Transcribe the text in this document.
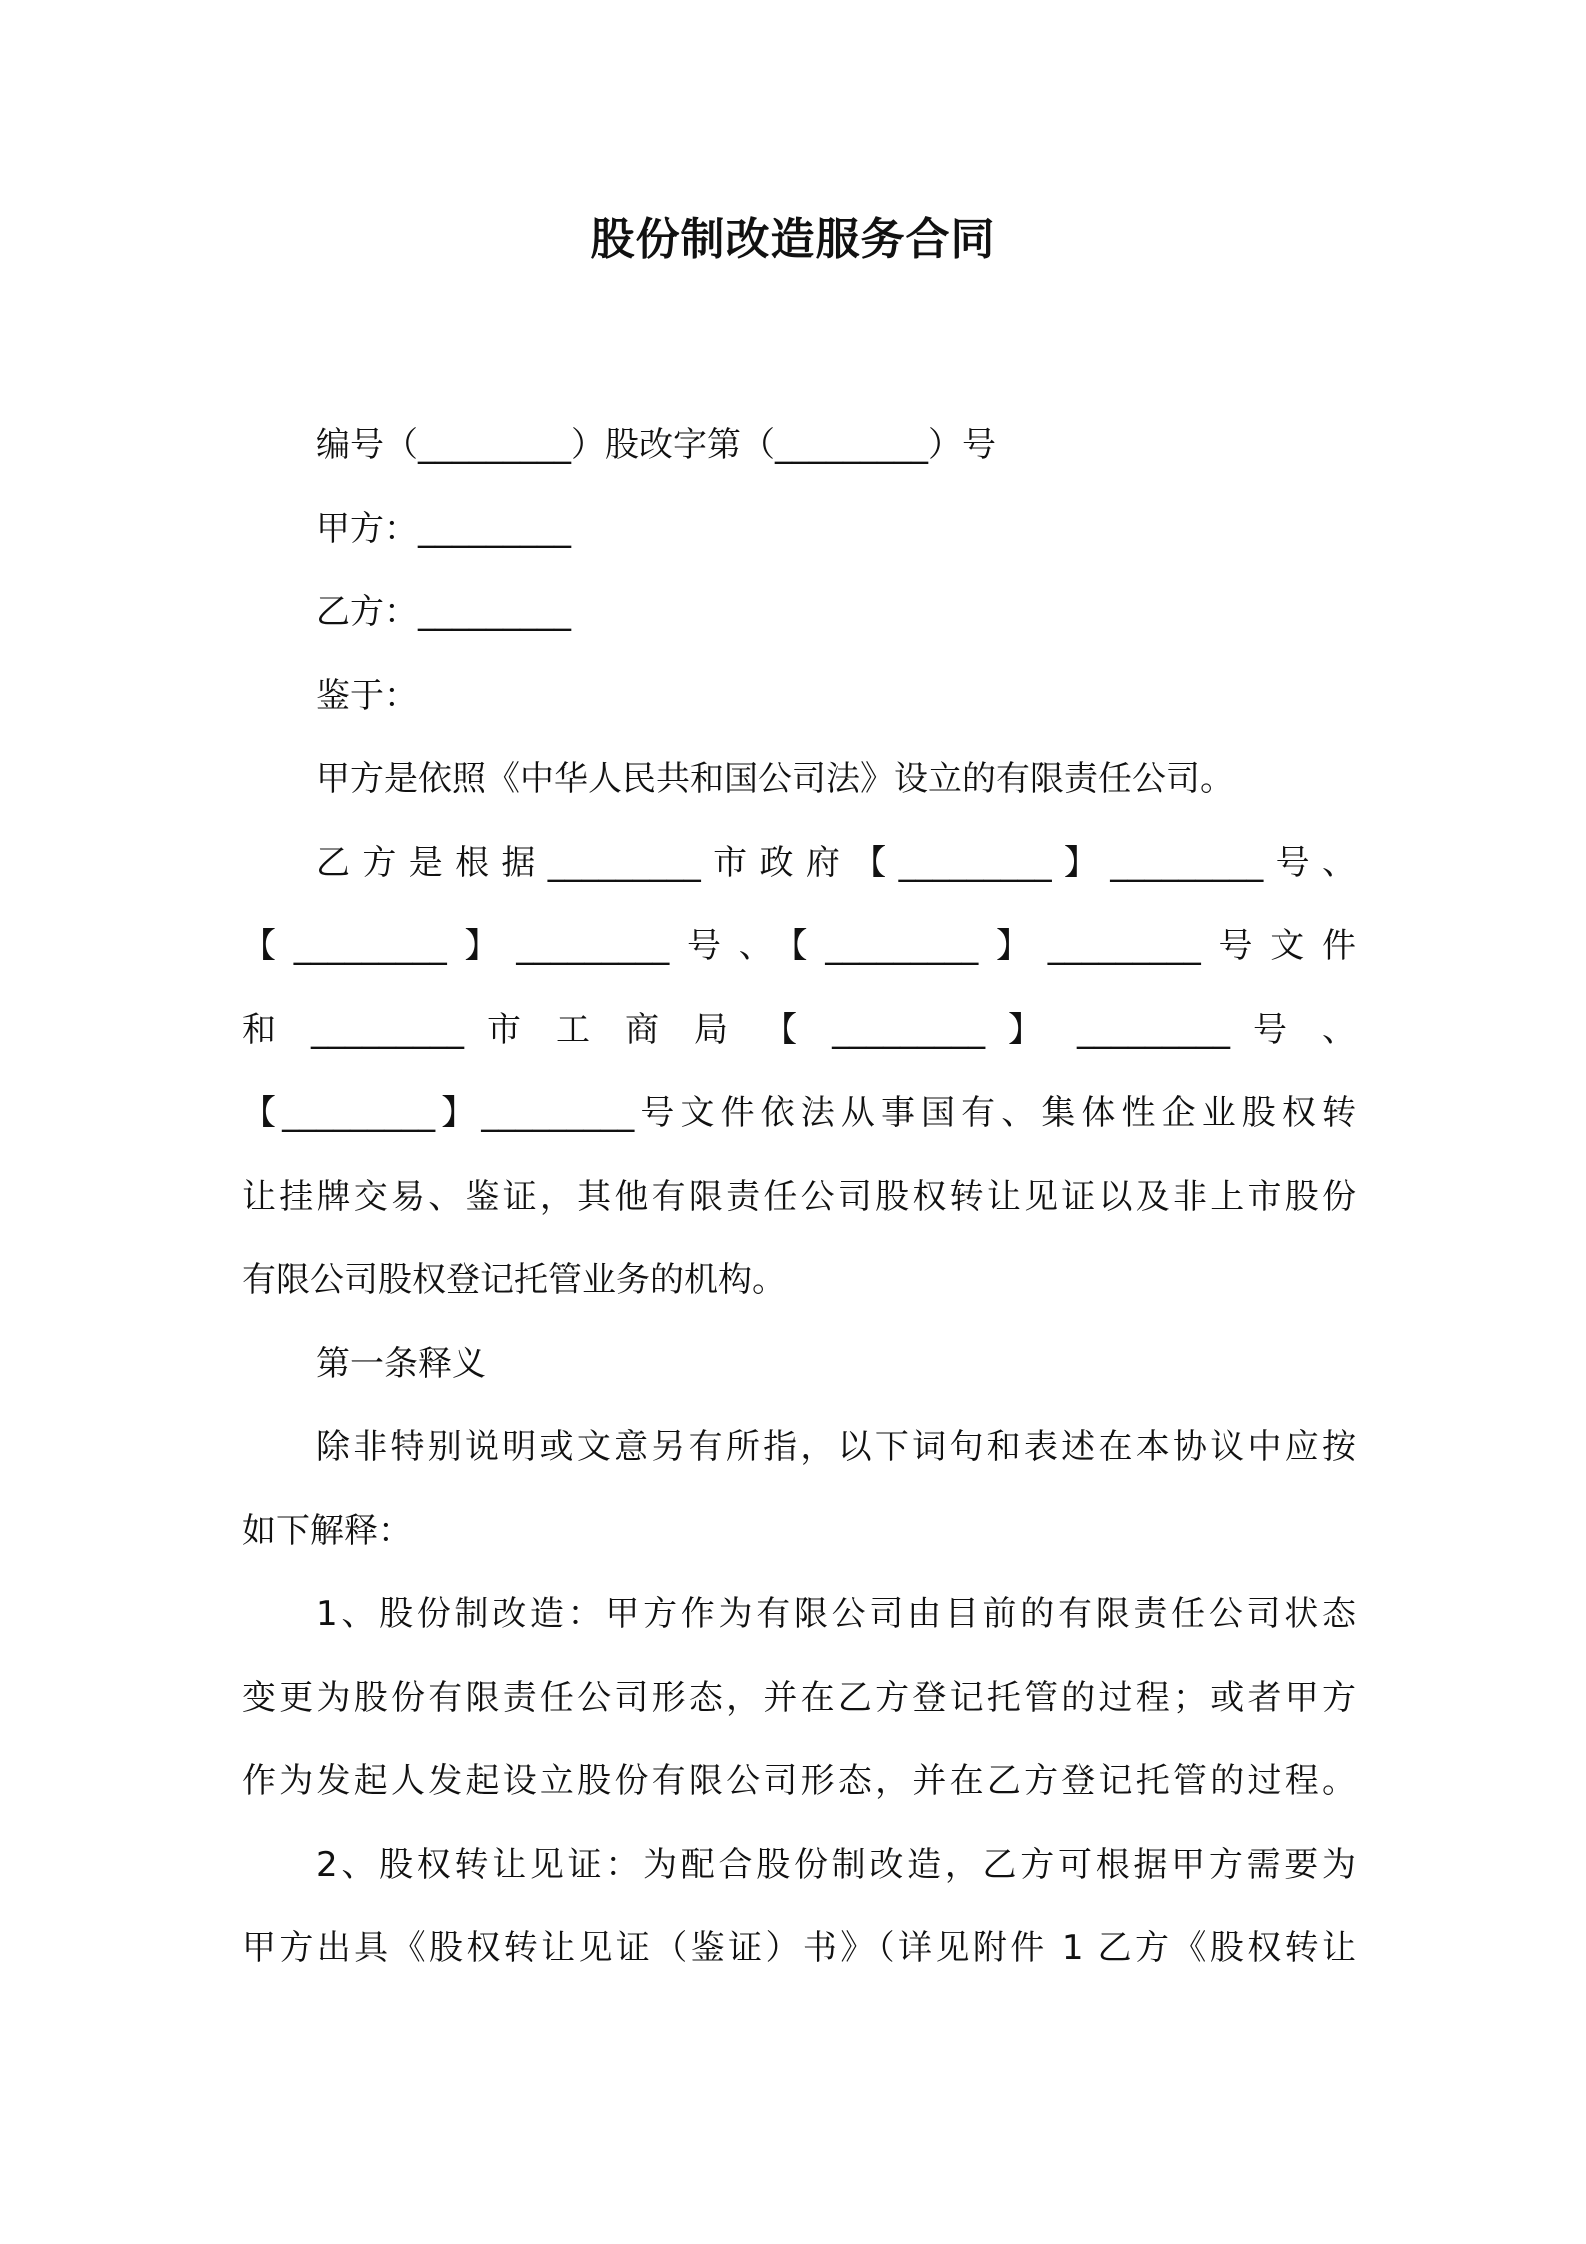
股份制改造服务合同
编号（_________）股改字第（_________）号
甲方：_________
乙方：_________
鉴于：
甲方是依照《中华人民共和国公司法》设立的有限责任公司。
乙方是根据_________市政府【_________】_________号、
【_________】_________号、【_________】_________号文件
和 _________ 市 工 商 局 【 _________ 】 _________ 号 、
【_________】_________号文件依法从事国有、集体性企业股权转
让挂牌交易、鉴证，其他有限责任公司股权转让见证以及非上市股份
有限公司股权登记托管业务的机构。
第一条释义
除非特别说明或文意另有所指，以下词句和表述在本协议中应按
如下解释：
1、股份制改造：甲方作为有限公司由目前的有限责任公司状态
变更为股份有限责任公司形态，并在乙方登记托管的过程；或者甲方
作为发起人发起设立股份有限公司形态，并在乙方登记托管的过程。
2、股权转让见证：为配合股份制改造，乙方可根据甲方需要为
甲方出具《股权转让见证（鉴证）书》（详见附件 1 乙方《股权转让
